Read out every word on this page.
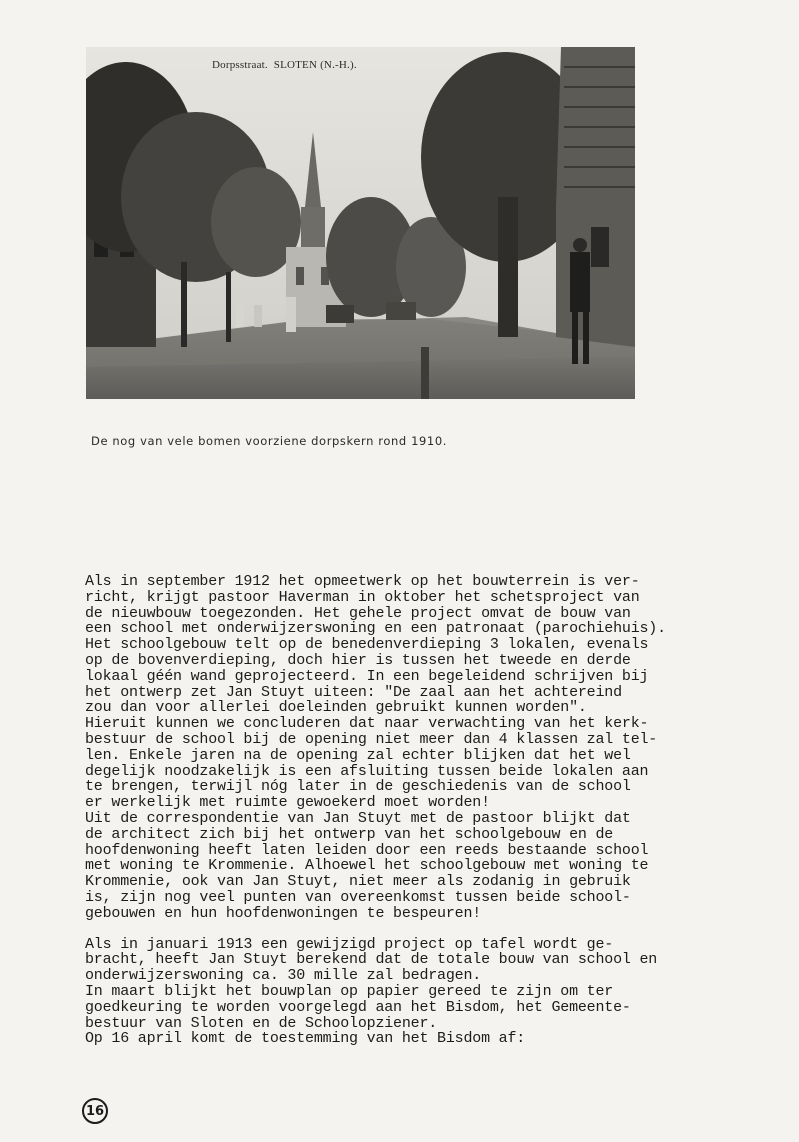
Dorpsstraat.  SLOTEN (N.-H.).

De nog van vele bomen voorziene dorpskern rond 1910.

Als in september 1912 het opmeetwerk op het bouwterrein is ver-

richt, krijgt pastoor Haverman in oktober het schetsproject van

de nieuwbouw toegezonden. Het gehele project omvat de bouw van

een school met onderwijzerswoning en een patronaat (parochiehuis).

Het schoolgebouw telt op de benedenverdieping 3 lokalen, evenals

op de bovenverdieping, doch hier is tussen het tweede en derde

lokaal géén wand geprojecteerd. In een begeleidend schrijven bij

het ontwerp zet Jan Stuyt uiteen: "De zaal aan het achtereind

zou dan voor allerlei doeleinden gebruikt kunnen worden".

Hieruit kunnen we concluderen dat naar verwachting van het kerk-

bestuur de school bij de opening niet meer dan 4 klassen zal tel-

len. Enkele jaren na de opening zal echter blijken dat het wel

degelijk noodzakelijk is een afsluiting tussen beide lokalen aan

te brengen, terwijl nóg later in de geschiedenis van de school

er werkelijk met ruimte gewoekerd moet worden!

Uit de correspondentie van Jan Stuyt met de pastoor blijkt dat

de architect zich bij het ontwerp van het schoolgebouw en de

hoofdenwoning heeft laten leiden door een reeds bestaande school

met woning te Krommenie. Alhoewel het schoolgebouw met woning te

Krommenie, ook van Jan Stuyt, niet meer als zodanig in gebruik

is, zijn nog veel punten van overeenkomst tussen beide school-

gebouwen en hun hoofdenwoningen te bespeuren!

Als in januari 1913 een gewijzigd project op tafel wordt ge-

bracht, heeft Jan Stuyt berekend dat de totale bouw van school en

onderwijzerswoning ca. 30 mille zal bedragen.

In maart blijkt het bouwplan op papier gereed te zijn om ter

goedkeuring te worden voorgelegd aan het Bisdom, het Gemeente-

bestuur van Sloten en de Schoolopziener.

Op 16 april komt de toestemming van het Bisdom af:

16
